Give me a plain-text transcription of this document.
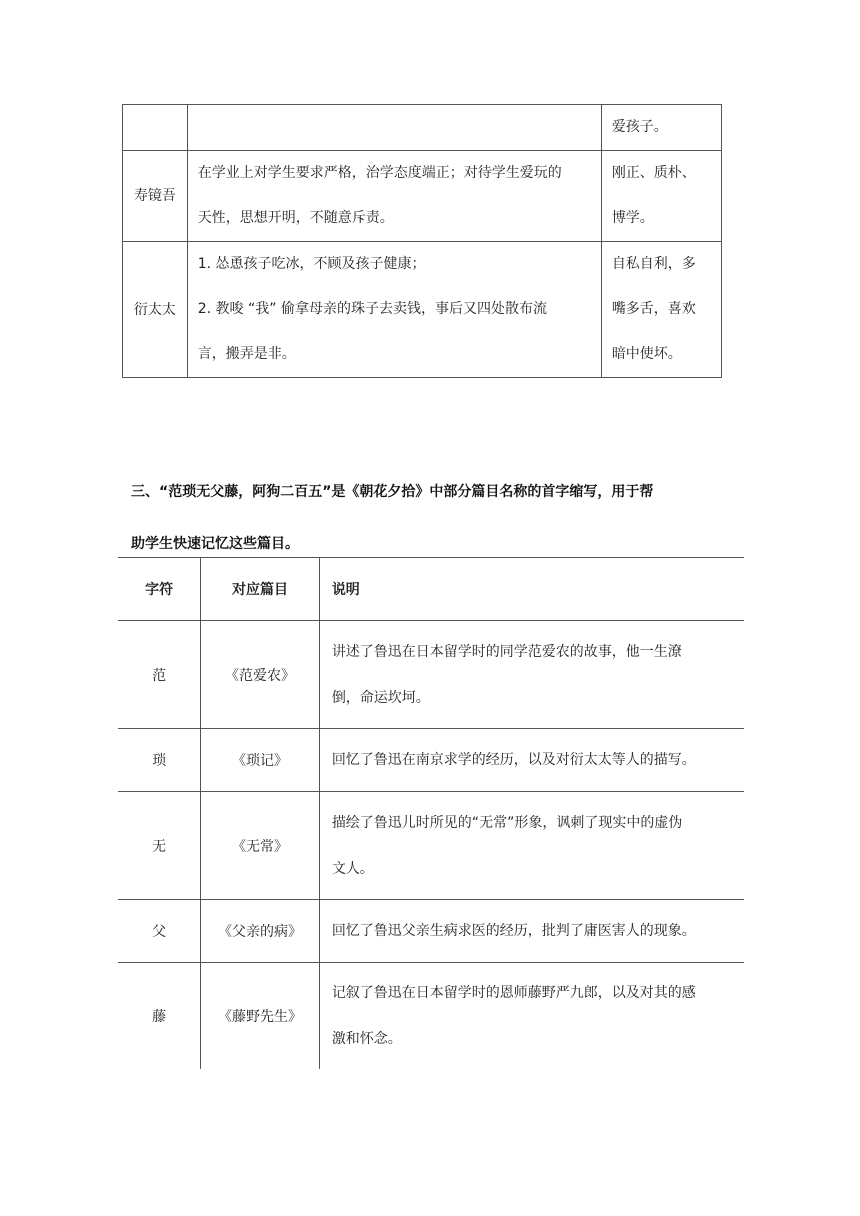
		爱孩子。

寿镜吾	在学业上对学生要求严格，治学态度端正；对待学生爱玩的
天性，思想开明，不随意斥责。	刚正、质朴、
博学。

衍太太	1. 怂恿孩子吃冰，不顾及孩子健康；
2. 教唆 “我” 偷拿母亲的珠子去卖钱，事后又四处散布流
言，搬弄是非。	自私自利，多
嘴多舌，喜欢
暗中使坏。
三、“范琐无父藤，阿狗二百五”是《朝花夕拾》中部分篇目名称的首字缩写，用于帮
助学生快速记忆这些篇目。
字符	对应篇目	说明
范	《范爱农》	讲述了鲁迅在日本留学时的同学范爱农的故事，他一生潦
倒，命运坎坷。

琐	《琐记》	回忆了鲁迅在南京求学的经历，以及对衍太太等人的描写。

无	《无常》	描绘了鲁迅儿时所见的“无常”形象，讽刺了现实中的虚伪
文人。

父	《父亲的病》	回忆了鲁迅父亲生病求医的经历，批判了庸医害人的现象。

藤	《藤野先生》	记叙了鲁迅在日本留学时的恩师藤野严九郎，以及对其的感
激和怀念。
